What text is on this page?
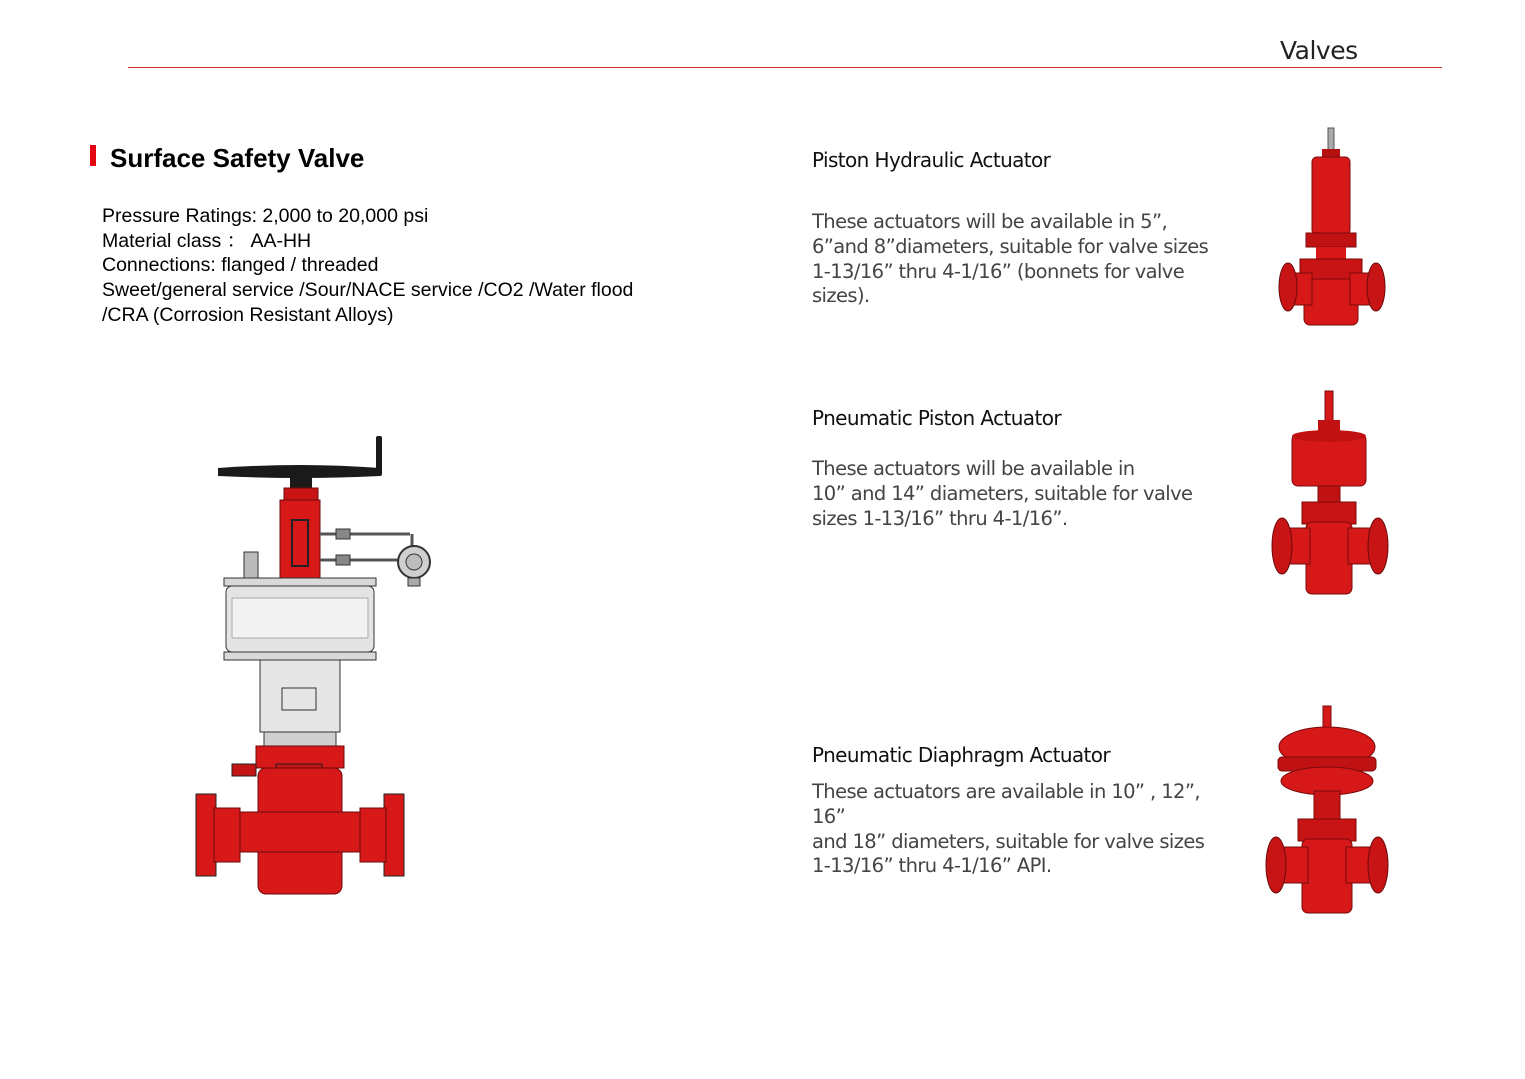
Valves
Surface Safety Valve
Pressure Ratings: 2,000 to 20,000 psi
Material class ： AA-HH
Connections: flanged / threaded
Sweet/general service /Sour/NACE service /CO2 /Water flood /CRA (Corrosion Resistant Alloys)
Piston Hydraulic Actuator
These actuators will be available in 5”,
6”and 8”diameters, suitable for valve sizes
1-13/16” thru 4-1/16” (bonnets for valve
sizes).
Pneumatic Piston Actuator
These actuators will be available in
10” and 14” diameters, suitable for valve
sizes 1-13/16” thru 4-1/16”.
Pneumatic Diaphragm Actuator
These actuators are available in 10” , 12”, 16”
and 18” diameters, suitable for valve sizes
1-13/16” thru 4-1/16” API.
